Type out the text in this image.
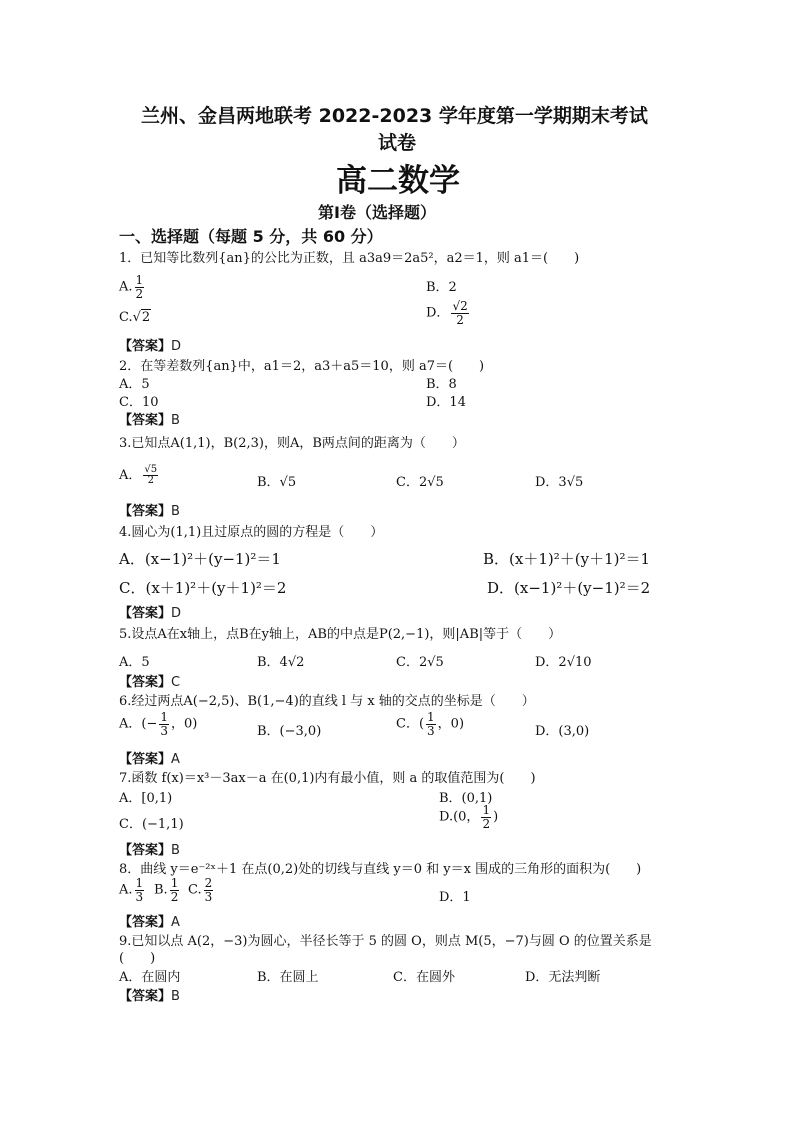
兰州、金昌两地联考 2022-2023 学年度第一学期期末考试
试卷
高二数学
第Ⅰ卷（选择题）
一、选择题（每题 5 分，共 60 分）
1．已知等比数列{an}的公比为正数，且 a3a9＝2a5²，a2＝1，则 a1＝(　　)
A. $\frac{1}{2}$	B．2
C.√2	D． $\frac{√2}{2}$
【答案】D
2．在等差数列{an}中，a1＝2，a3＋a5＝10，则 a7＝(　　)
A．5	B．8
C．10	D．14
【答案】B
3.已知点A(1,1)，B(2,3)，则A，B两点间的距离为（　　）
A． $\frac{√5}{2}$	B．√5	C．2√5	D．3√5
【答案】B
4.圆心为(1,1)且过原点的圆的方程是（　　）
A．(x−1)²＋(y−1)²＝1	B．(x＋1)²＋(y＋1)²＝1
C．(x＋1)²＋(y＋1)²＝2	D．(x−1)²＋(y−1)²＝2
【答案】D
5.设点A在x轴上，点B在y轴上，AB的中点是P(2,−1)，则|AB|等于（　　）
A．5	B．4√2	C．2√5	D．2√10
【答案】C
6.经过两点A(−2,5)、B(1,−4)的直线 l 与 x 轴的交点的坐标是（　　）
A．(− $\frac{1}{3}$ ，0)	B．(−3,0)	C．( $\frac{1}{3}$ ，0)	D．(3,0)
【答案】A
7.函数 f(x)＝x³－3ax－a 在(0,1)内有最小值，则 a 的取值范围为(　　)
A．[0,1)	B．(0,1)
C．(−1,1)	D.(0， $\frac{1}{2}$ )
【答案】B
8．曲线 y＝e⁻²ˣ＋1 在点(0,2)处的切线与直线 y＝0 和 y＝x 围成的三角形的面积为(　　)
A. $\frac{1}{3} B$. $\frac{1}{2} C$. $\frac{2}{3}$	D．1
【答案】A
9.已知以点 A(2，−3)为圆心，半径长等于 5 的圆 O，则点 M(5，−7)与圆 O 的位置关系是
(　　)
A．在圆内	B．在圆上	C．在圆外	D．无法判断
【答案】B
